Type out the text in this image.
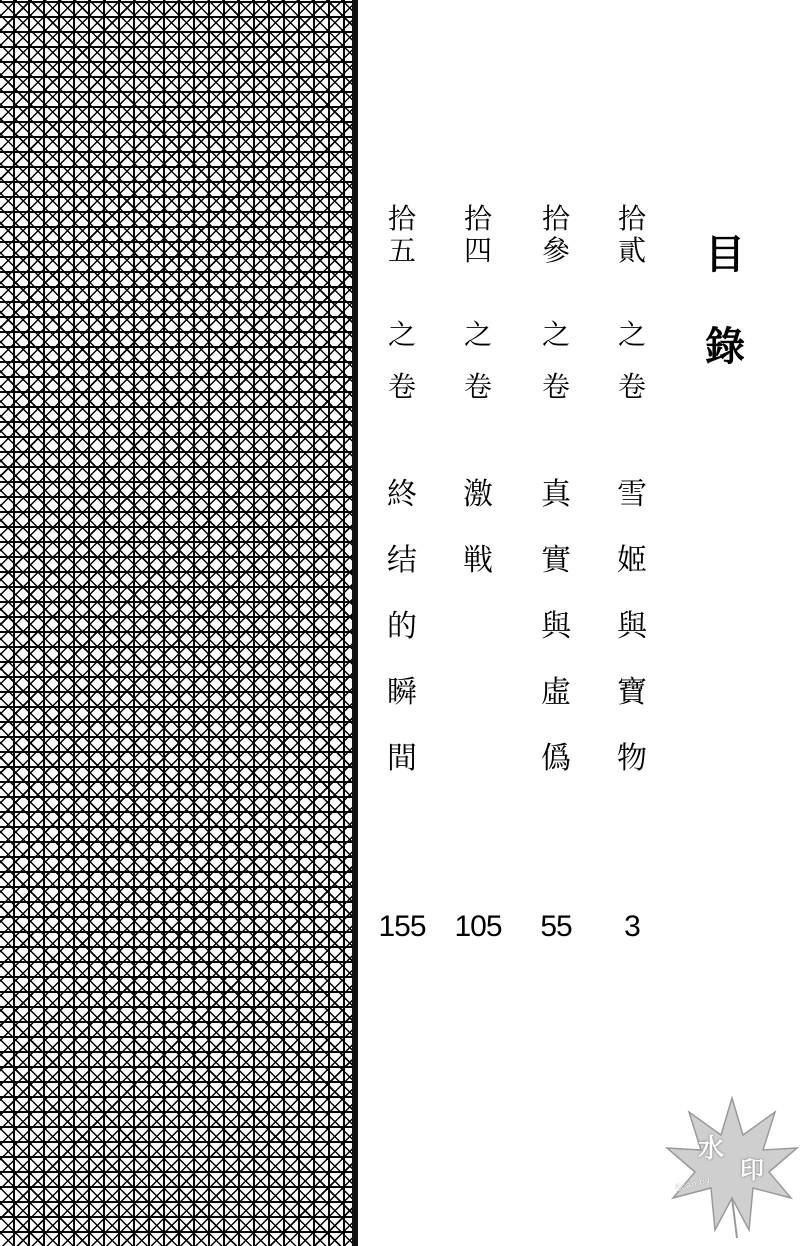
目
錄
拾
貳
之
卷
雪
姬
與
寶
物
3
拾
參
之
卷
真
實
與
虛
僞
55
拾
四
之
卷
激
戦
105
拾
五
之
卷
終
结
的
瞬
間
155
水
印
Scan by
